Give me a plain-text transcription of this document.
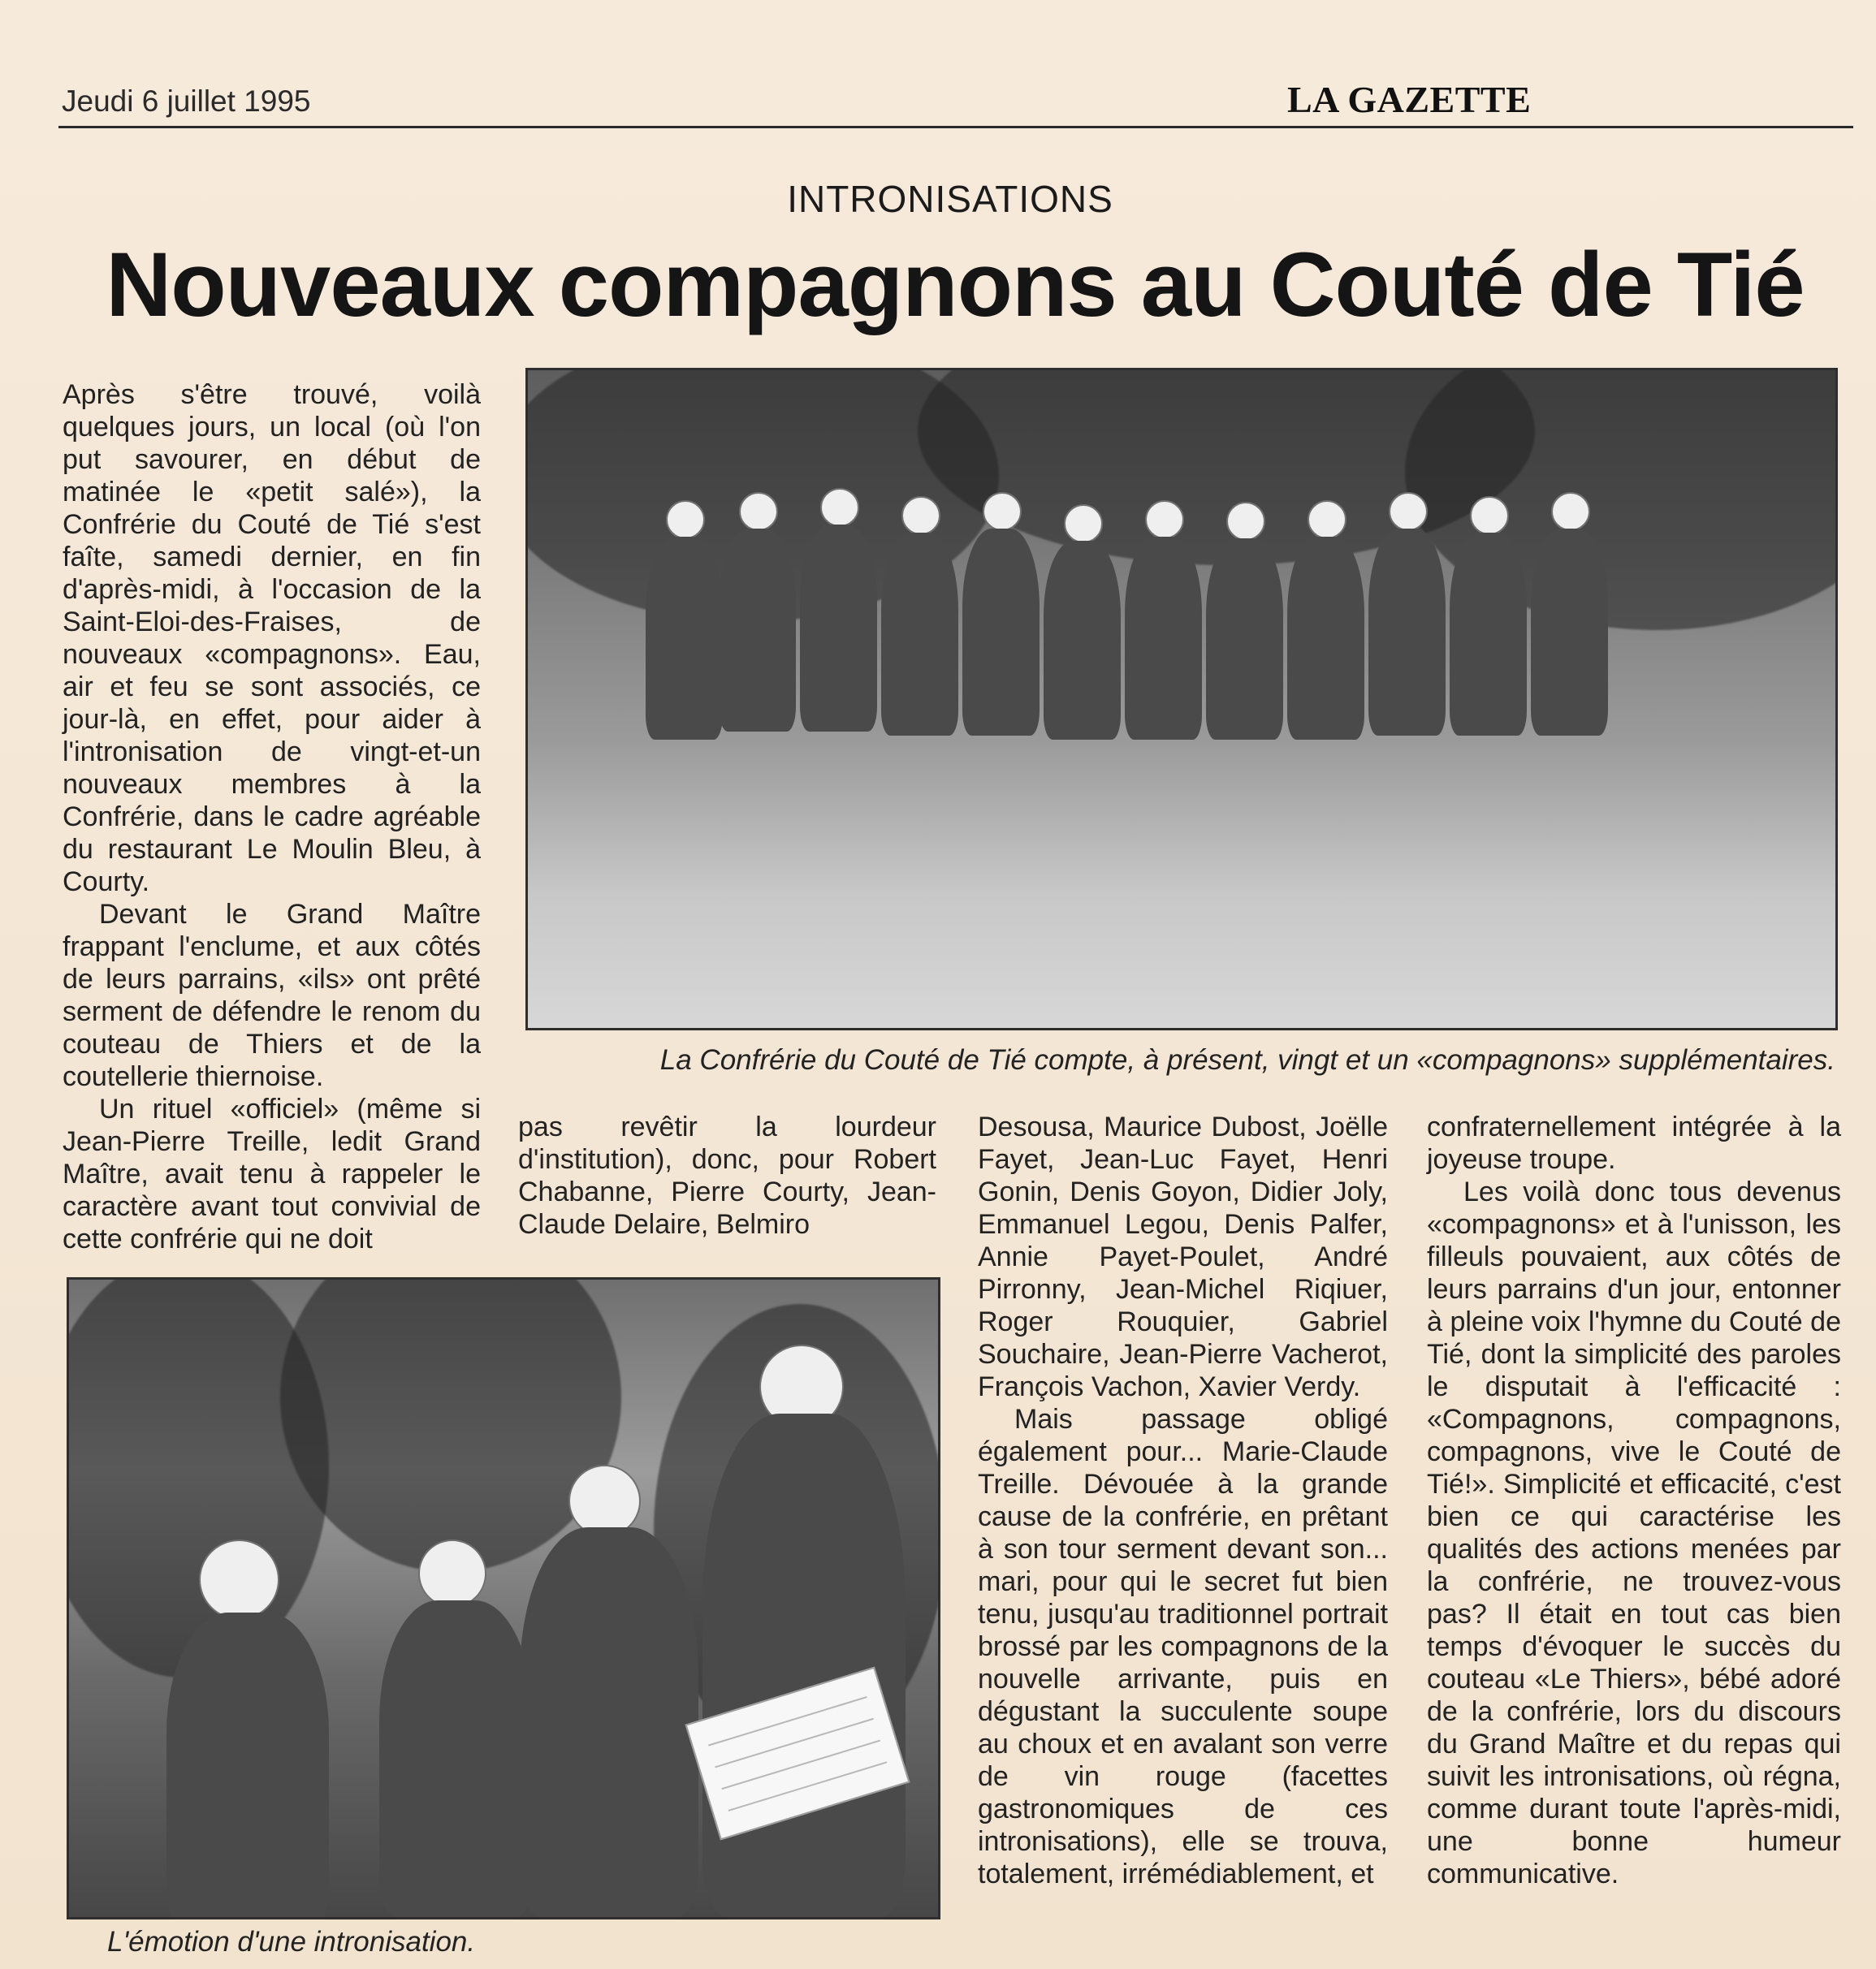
Jeudi 6 juillet 1995	LA GAZETTE
INTRONISATIONS
Nouveaux compagnons au Couté de Tié

Après s'être trouvé, voilà quelques jours, un local (où l'on put savourer, en début de matinée le «petit salé»), la Confrérie du Couté de Tié s'est faîte, samedi dernier, en fin d'après-midi, à l'occasion de la Saint-Eloi-des-Fraises, de nouveaux «compagnons». Eau, air et feu se sont associés, ce jour-là, en effet, pour aider à l'intronisation de vingt-et-un nouveaux membres à la Confrérie, dans le cadre agréable du restaurant Le Moulin Bleu, à Courty.

Devant le Grand Maître frappant l'enclume, et aux côtés de leurs parrains, «ils» ont prêté serment de défendre le renom du couteau de Thiers et de la coutellerie thiernoise.

Un rituel «officiel» (même si Jean-Pierre Treille, ledit Grand Maître, avait tenu à rappeler le caractère avant tout convivial de cette confrérie qui ne doit

La Confrérie du Couté de Tié compte, à présent, vingt et un «compagnons» supplémentaires.

pas revêtir la lourdeur d'institution), donc, pour Robert Chabanne, Pierre Courty, Jean-Claude Delaire, Belmiro

Desousa, Maurice Dubost, Joëlle Fayet, Jean-Luc Fayet, Henri Gonin, Denis Goyon, Didier Joly, Emmanuel Legou, Denis Palfer, Annie Payet-Poulet, André Pirronny, Jean-Michel Riqiuer, Roger Rouquier, Gabriel Souchaire, Jean-Pierre Vacherot, François Vachon, Xavier Verdy.

Mais passage obligé également pour... Marie-Claude Treille. Dévouée à la grande cause de la confrérie, en prêtant à son tour serment devant son... mari, pour qui le secret fut bien tenu, jusqu'au traditionnel portrait brossé par les compagnons de la nouvelle arrivante, puis en dégustant la succulente soupe au choux et en avalant son verre de vin rouge (facettes gastronomiques de ces intronisations), elle se trouva, totalement, irrémédiablement, et

confraternellement intégrée à la joyeuse troupe.

Les voilà donc tous devenus «compagnons» et à l'unisson, les filleuls pouvaient, aux côtés de leurs parrains d'un jour, entonner à pleine voix l'hymne du Couté de Tié, dont la simplicité des paroles le disputait à l'efficacité : «Compagnons, compagnons, compagnons, vive le Couté de Tié!». Simplicité et efficacité, c'est bien ce qui caractérise les qualités des actions menées par la confrérie, ne trouvez-vous pas? Il était en tout cas bien temps d'évoquer le succès du couteau «Le Thiers», bébé adoré de la confrérie, lors du discours du Grand Maître et du repas qui suivit les intronisations, où régna, comme durant toute l'après-midi, une bonne humeur communicative.

L'émotion d'une intronisation.
